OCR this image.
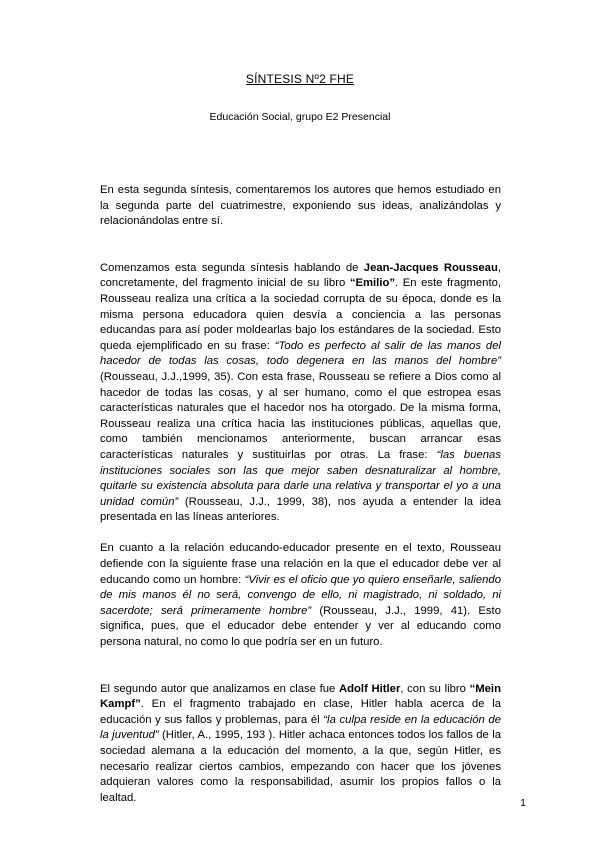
SÍNTESIS Nº2 FHE
Educación Social, grupo E2 Presencial

En esta segunda síntesis, comentaremos los autores que hemos estudiado en la segunda parte del cuatrimestre, exponiendo sus ideas, analizándolas y relacionándolas entre sí.

Comenzamos esta segunda síntesis hablando de Jean-Jacques Rousseau, concretamente, del fragmento inicial de su libro “Emilio”. En este fragmento, Rousseau realiza una crítica a la sociedad corrupta de su época, donde es la misma persona educadora quien desvía a conciencia a las personas educandas para así poder moldearlas bajo los estándares de la sociedad. Esto queda ejemplificado en su frase: “Todo es perfecto al salir de las manos del hacedor de todas las cosas, todo degenera en las manos del hombre” (Rousseau, J.J.,1999, 35). Con esta frase, Rousseau se refiere a Dios como al hacedor de todas las cosas, y al ser humano, como el que estropea esas características naturales que el hacedor nos ha otorgado. De la misma forma, Rousseau realiza una crítica hacia las instituciones públicas, aquellas que, como también mencionamos anteriormente, buscan arrancar esas características naturales y sustituirlas por otras. La frase: “las buenas instituciones sociales son las que mejor saben desnaturalizar al hombre, quitarle su existencia absoluta para darle una relativa y transportar el yo a una unidad común” (Rousseau, J.J., 1999, 38), nos ayuda a entender la idea presentada en las líneas anteriores.

En cuanto a la relación educando-educador presente en el texto, Rousseau defiende con la siguiente frase una relación en la que el educador debe ver al educando como un hombre: “Vivir es el oficio que yo quiero enseñarle, saliendo de mis manos él no será, convengo de ello, ni magistrado, ni soldado, ni sacerdote; será primeramente hombre” (Rousseau, J.J., 1999, 41). Esto significa, pues, que el educador debe entender y ver al educando como persona natural, no como lo que podría ser en un futuro.

El segundo autor que analizamos en clase fue Adolf Hitler, con su libro “Mein Kampf”. En el fragmento trabajado en clase, Hitler habla acerca de la educación y sus fallos y problemas, para él “la culpa reside en la educación de la juventud” (Hitler, A., 1995, 193 ). Hitler achaca entonces todos los fallos de la sociedad alemana a la educación del momento, a la que, según Hitler, es necesario realizar ciertos cambios, empezando con hacer que los jóvenes adquieran valores como la responsabilidad, asumir los propios fallos o la lealtad.	1
